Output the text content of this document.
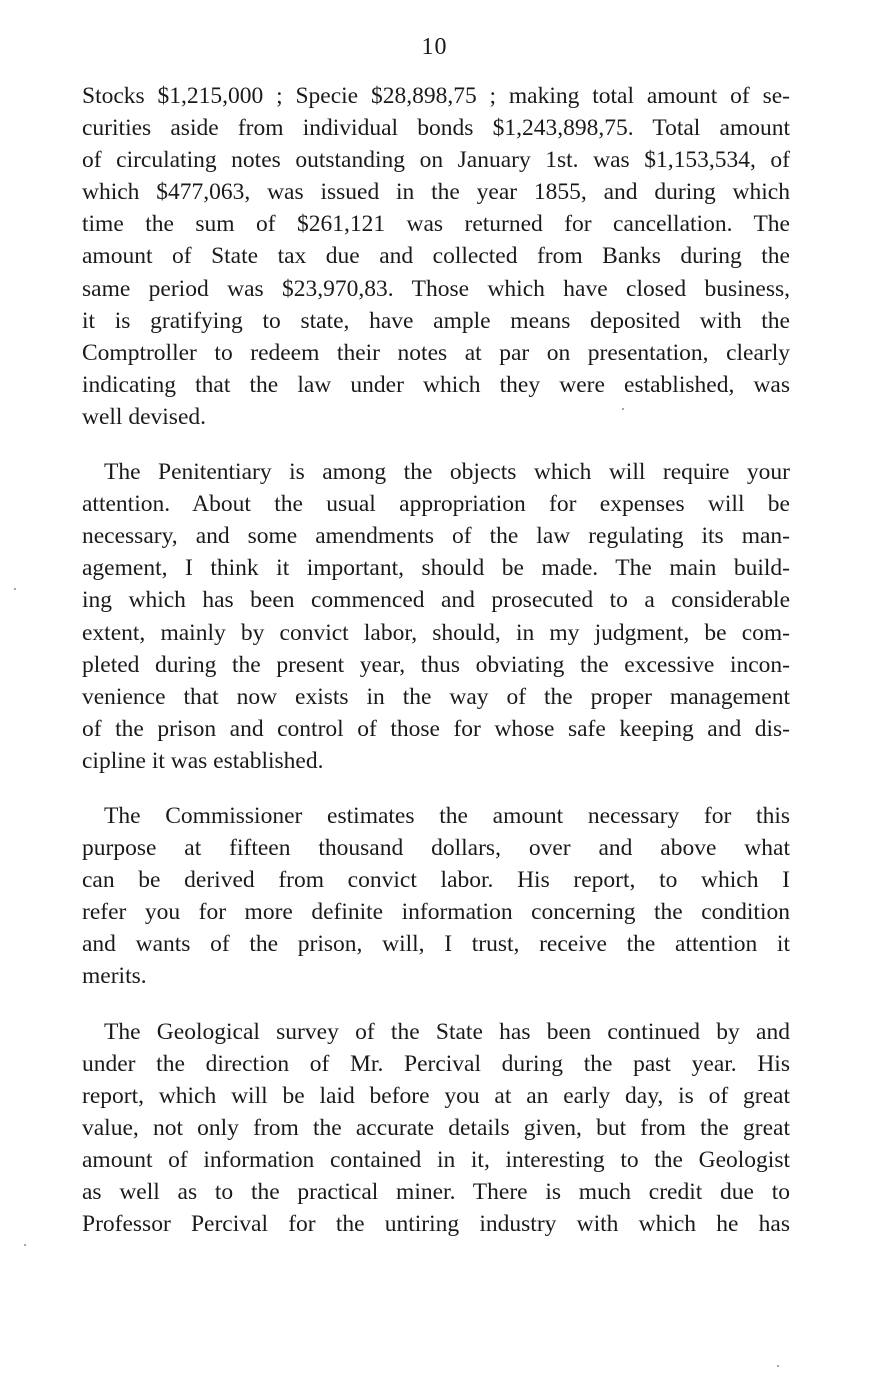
10
Stocks $1,215,000 ; Specie $28,898,75 ; making total amount of se-
curities aside from individual bonds $1,243,898,75. Total amount
of circulating notes outstanding on January 1st. was $1,153,534, of
which $477,063, was issued in the year 1855, and during which
time the sum of $261,121 was returned for cancellation. The
amount of State tax due and collected from Banks during the
same period was $23,970,83. Those which have closed business,
it is gratifying to state, have ample means deposited with the
Comptroller to redeem their notes at par on presentation, clearly
indicating that the law under which they were established, was
well devised.
The Penitentiary is among the objects which will require your
attention. About the usual appropriation for expenses will be
necessary, and some amendments of the law regulating its man-
agement, I think it important, should be made. The main build-
ing which has been commenced and prosecuted to a considerable
extent, mainly by convict labor, should, in my judgment, be com-
pleted during the present year, thus obviating the excessive incon-
venience that now exists in the way of the proper management
of the prison and control of those for whose safe keeping and dis-
cipline it was established.
The Commissioner estimates the amount necessary for this
purpose at fifteen thousand dollars, over and above what
can be derived from convict labor. His report, to which I
refer you for more definite information concerning the condition
and wants of the prison, will, I trust, receive the attention it
merits.
The Geological survey of the State has been continued by and
under the direction of Mr. Percival during the past year. His
report, which will be laid before you at an early day, is of great
value, not only from the accurate details given, but from the great
amount of information contained in it, interesting to the Geologist
as well as to the practical miner. There is much credit due to
Professor Percival for the untiring industry with which he has
